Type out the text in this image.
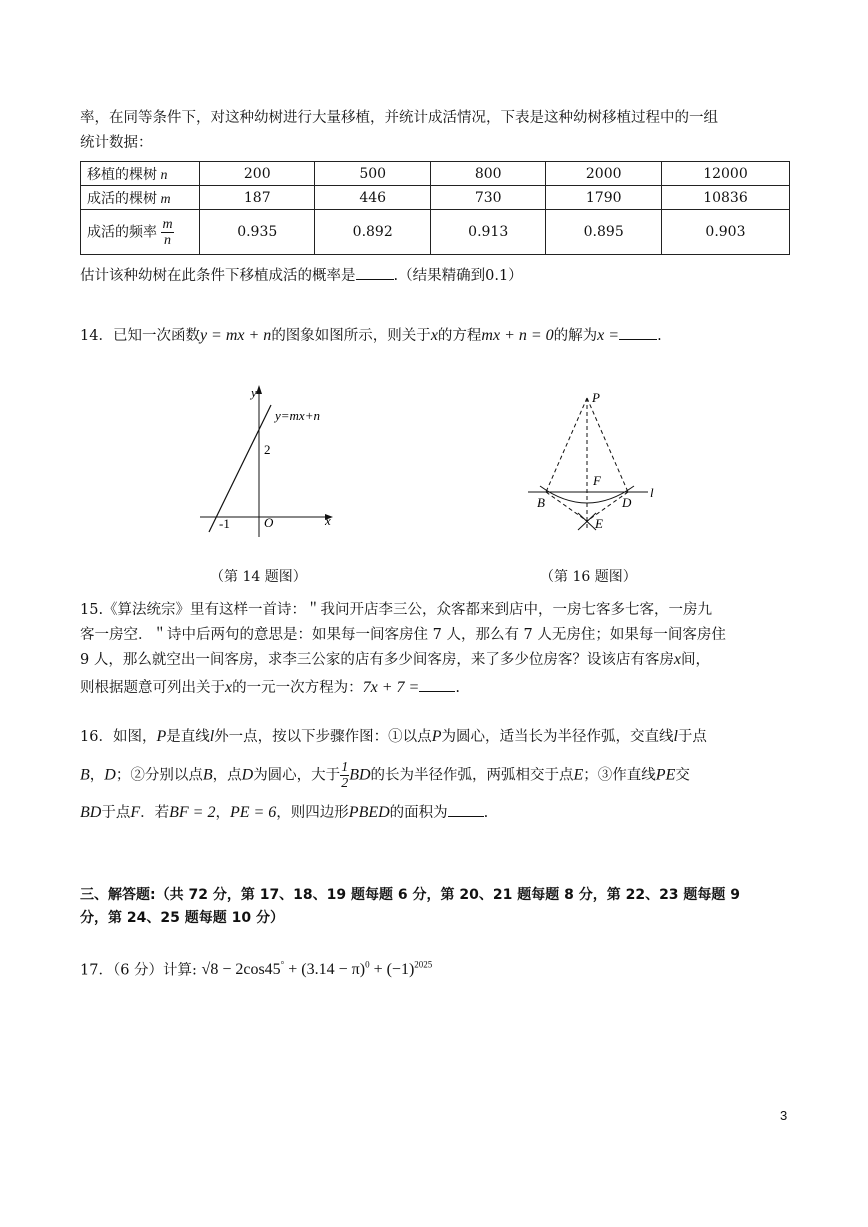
率，在同等条件下，对这种幼树进行大量移植，并统计成活情况，下表是这种幼树移植过程中的一组
统计数据：
移植的棵树 n	200	500	800	2000	12000
成活的棵树 m	187	446	730	1790	10836
成活的频率 $\frac{m}{n}$	0.935	0.892	0.913	0.895	0.903
估计该种幼树在此条件下移植成活的概率是	.（结果精确到0.1）
14．已知一次函数y = mx + n的图象如图所示，则关于x的方程mx + n = 0的解为x =	.
y
x
O
y=mx+n
2
-1
（第 14 题图）
P
F
B	D
E
l
（第 16 题图）
15.《算法统宗》里有这样一首诗：＂我问开店李三公，众客都来到店中，一房七客多七客，一房九
客一房空．＂诗中后两句的意思是：如果每一间客房住 7 人，那么有 7 人无房住；如果每一间客房住
9 人，那么就空出一间客房，求李三公家的店有多少间客房，来了多少位房客？设该店有客房x间，
则根据题意可列出关于x的一元一次方程为：7x + 7 = .
16．如图，P是直线l外一点，按以下步骤作图：①以点P为圆心，适当长为半径作弧，交直线l于点
B，D；②分别以点B，点D为圆心，大于 $\frac{1}{2}$ BD的长为半径作弧，两弧相交于点E；③作直线PE交
BD于点F．若BF = 2，PE = 6，则四边形PBED的面积为 .
三、解答题:（共 72 分，第 17、18、19 题每题 6 分，第 20、21 题每题 8 分，第 22、23 题每题 9
分，第 24、25 题每题 10 分）
17．（6 分）计算: $√8 - 2\cos 45^\circ + (3.14 - \pi)^0 + (-1)^{2025}$
3
